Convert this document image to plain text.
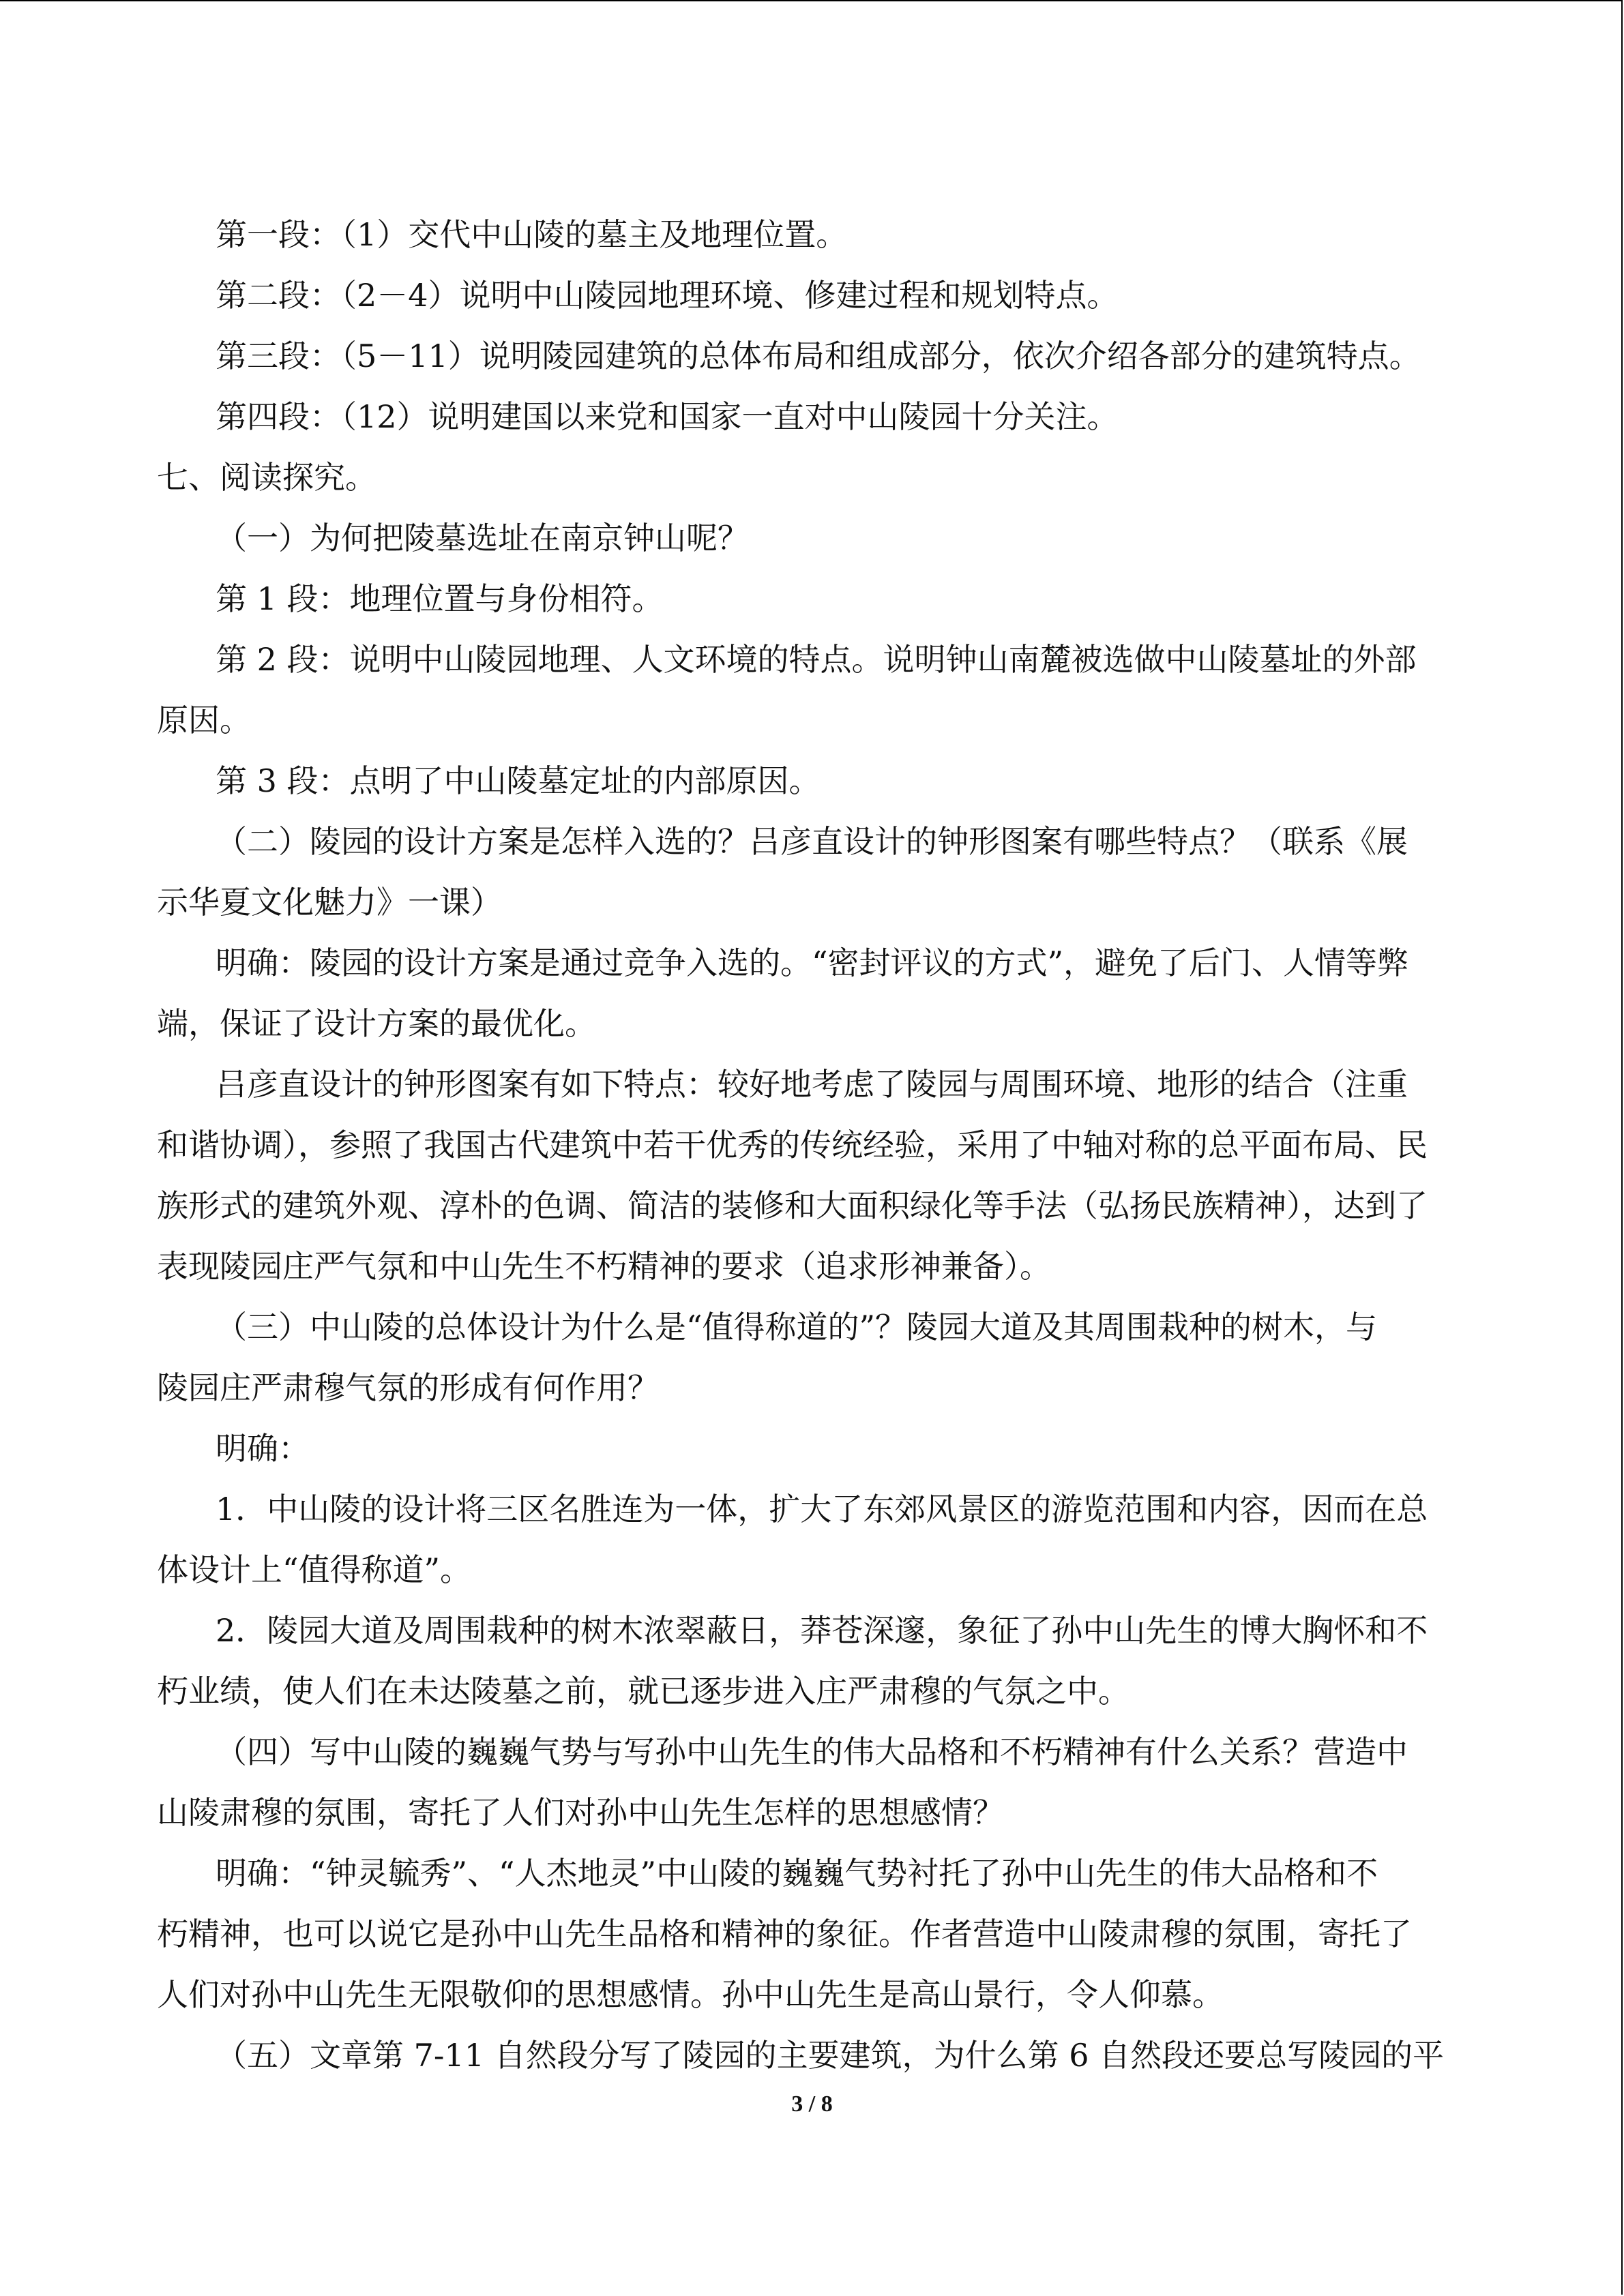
第一段：（1）交代中山陵的墓主及地理位置。
第二段：（2－4）说明中山陵园地理环境、修建过程和规划特点。
第三段：（5－11）说明陵园建筑的总体布局和组成部分，依次介绍各部分的建筑特点。
第四段：（12）说明建国以来党和国家一直对中山陵园十分关注。
七、阅读探究。
（一）为何把陵墓选址在南京钟山呢？
第 1 段：地理位置与身份相符。
第 2 段：说明中山陵园地理、人文环境的特点。说明钟山南麓被选做中山陵墓址的外部
原因。
第 3 段：点明了中山陵墓定址的内部原因。
（二）陵园的设计方案是怎样入选的？吕彦直设计的钟形图案有哪些特点？（联系《展
示华夏文化魅力》一课）
明确：陵园的设计方案是通过竞争入选的。“密封评议的方式”，避免了后门、人情等弊
端，保证了设计方案的最优化。
吕彦直设计的钟形图案有如下特点：较好地考虑了陵园与周围环境、地形的结合（注重
和谐协调），参照了我国古代建筑中若干优秀的传统经验，采用了中轴对称的总平面布局、民
族形式的建筑外观、淳朴的色调、简洁的装修和大面积绿化等手法（弘扬民族精神），达到了
表现陵园庄严气氛和中山先生不朽精神的要求（追求形神兼备）。
（三）中山陵的总体设计为什么是“值得称道的”？陵园大道及其周围栽种的树木，与
陵园庄严肃穆气氛的形成有何作用？
明确：
1．中山陵的设计将三区名胜连为一体，扩大了东郊风景区的游览范围和内容，因而在总
体设计上“值得称道”。
2．陵园大道及周围栽种的树木浓翠蔽日，莽苍深邃，象征了孙中山先生的博大胸怀和不
朽业绩，使人们在未达陵墓之前，就已逐步进入庄严肃穆的气氛之中。
（四）写中山陵的巍巍气势与写孙中山先生的伟大品格和不朽精神有什么关系？营造中
山陵肃穆的氛围，寄托了人们对孙中山先生怎样的思想感情？
明确：“钟灵毓秀”、“人杰地灵”中山陵的巍巍气势衬托了孙中山先生的伟大品格和不
朽精神，也可以说它是孙中山先生品格和精神的象征。作者营造中山陵肃穆的氛围，寄托了
人们对孙中山先生无限敬仰的思想感情。孙中山先生是高山景行，令人仰慕。
（五）文章第 7-11 自然段分写了陵园的主要建筑，为什么第 6 自然段还要总写陵园的平
3 / 8
